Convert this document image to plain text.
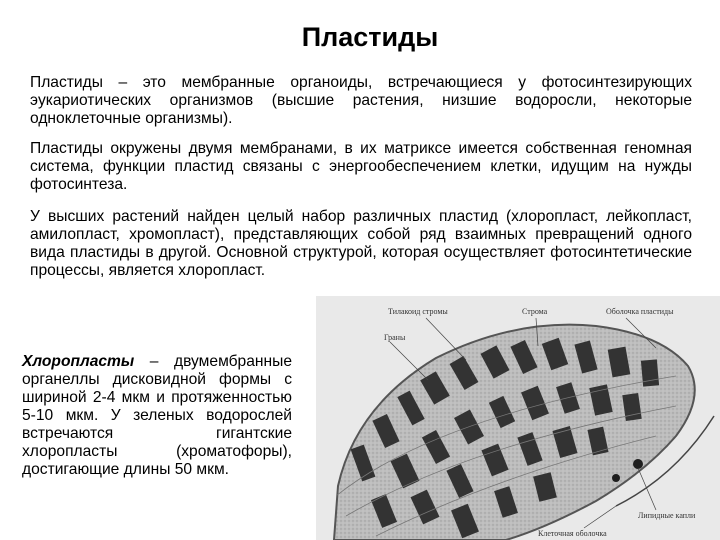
Пластиды
Пластиды – это мембранные органоиды, встречающиеся у фотосинтезирующих эукариотических организмов (высшие растения, низшие водоросли, некоторые одноклеточные организмы).
Пластиды окружены двумя мембранами, в их матриксе имеется собственная геномная система, функции пластид связаны с энергообеспечением клетки, идущим на нужды фотосинтеза.
У высших растений найден целый набор различных пластид (хлоропласт, лейкопласт, амилопласт, хромопласт), представляющих собой ряд взаимных превращений одного вида пластиды в другой. Основной структурой, которая осуществляет фотосинтетические процессы, является хлоропласт.
Хлоропласты – двумембранные органеллы дисковидной формы с шириной 2-4 мкм и протяженностью 5-10 мкм. У зеленых водорослей встречаются гигантские хлоропласты (хроматофоры), достигающие длины 50 мкм.
Тилакоид стромы	Строма	Оболочка пластиды
Граны
Липидные капли
Клеточная оболочка
